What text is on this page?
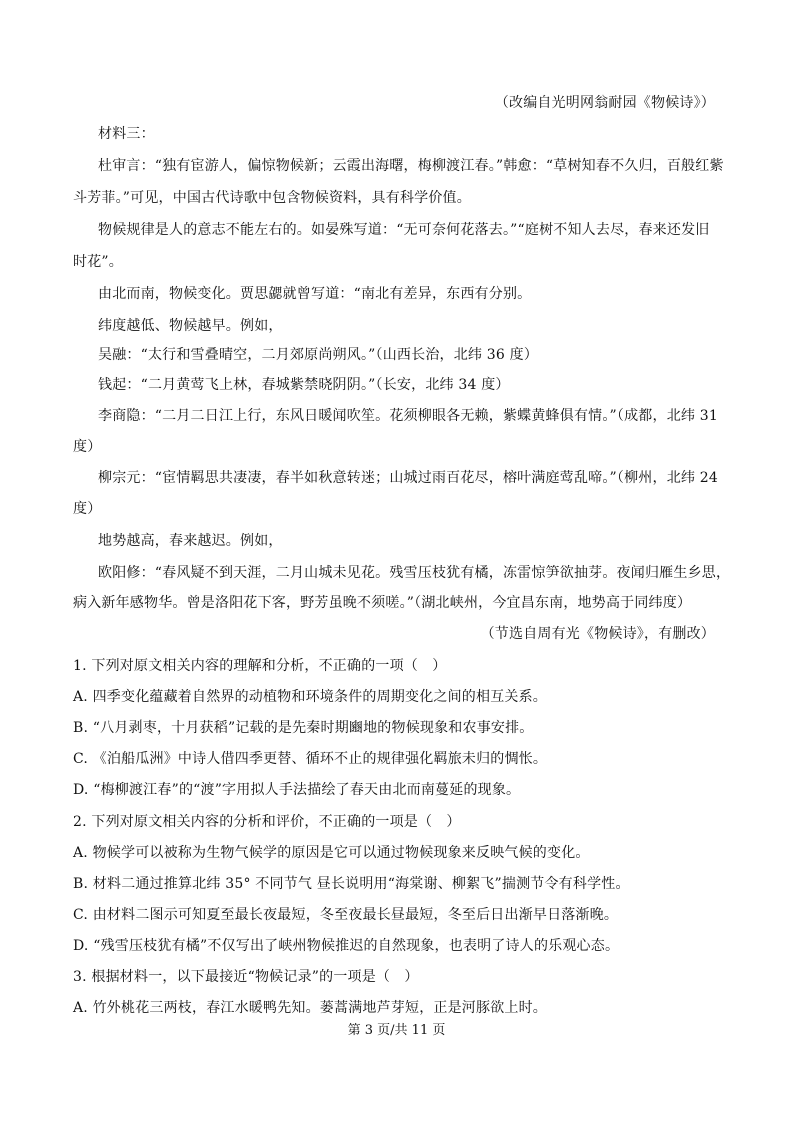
（改编自光明网翁耐园《物候诗》）
材料三：
杜审言：“独有宦游人，偏惊物候新；云霞出海曙，梅柳渡江春。”韩愈：“草树知春不久归，百般红紫
斗芳菲。”可见，中国古代诗歌中包含物候资料，具有科学价值。
物候规律是人的意志不能左右的。如晏殊写道：“无可奈何花落去。”“庭树不知人去尽，春来还发旧
时花”。
由北而南，物候变化。贾思勰就曾写道：“南北有差异，东西有分别。
纬度越低、物候越早。例如，
吴融：“太行和雪叠晴空，二月郊原尚朔风。”（山西长治，北纬 36 度）
钱起：“二月黄莺飞上林，春城紫禁晓阴阴。”（长安，北纬 34 度）
李商隐：“二月二日江上行，东风日暖闻吹笙。花须柳眼各无赖，紫蝶黄蜂俱有情。”（成都，北纬 31
度）
柳宗元：“宦情羁思共凄凄，春半如秋意转迷；山城过雨百花尽，榕叶满庭莺乱啼。”（柳州，北纬 24
度）
地势越高，春来越迟。例如，
欧阳修：“春风疑不到天涯，二月山城未见花。残雪压枝犹有橘，冻雷惊笋欲抽芽。夜闻归雁生乡思，
病入新年感物华。曾是洛阳花下客，野芳虽晚不须嗟。”（湖北峡州，今宜昌东南，地势高于同纬度）
（节选自周有光《物候诗》，有删改）
1. 下列对原文相关内容的理解和分析，不正确的一项（　）
A. 四季变化蕴藏着自然界的动植物和环境条件的周期变化之间的相互关系。
B. “八月剥枣，十月获稻”记载的是先秦时期豳地的物候现象和农事安排。
C. 《泊船瓜洲》中诗人借四季更替、循环不止的规律强化羁旅未归的惆怅。
D. “梅柳渡江春”的“渡”字用拟人手法描绘了春天由北而南蔓延的现象。
2. 下列对原文相关内容的分析和评价，不正确的一项是（　）
A. 物候学可以被称为生物气候学的原因是它可以通过物候现象来反映气候的变化。
B. 材料二通过推算北纬 35° 不同节气 昼长说明用“海棠谢、柳絮飞”揣测节令有科学性。
C. 由材料二图示可知夏至最长夜最短，冬至夜最长昼最短，冬至后日出渐早日落渐晚。
D. “残雪压枝犹有橘”不仅写出了峡州物候推迟的自然现象，也表明了诗人的乐观心态。
3. 根据材料一，以下最接近“物候记录”的一项是（　）
A. 竹外桃花三两枝，春江水暖鸭先知。蒌蒿满地芦芽短，正是河豚欲上时。
第 3 页/共 11 页
